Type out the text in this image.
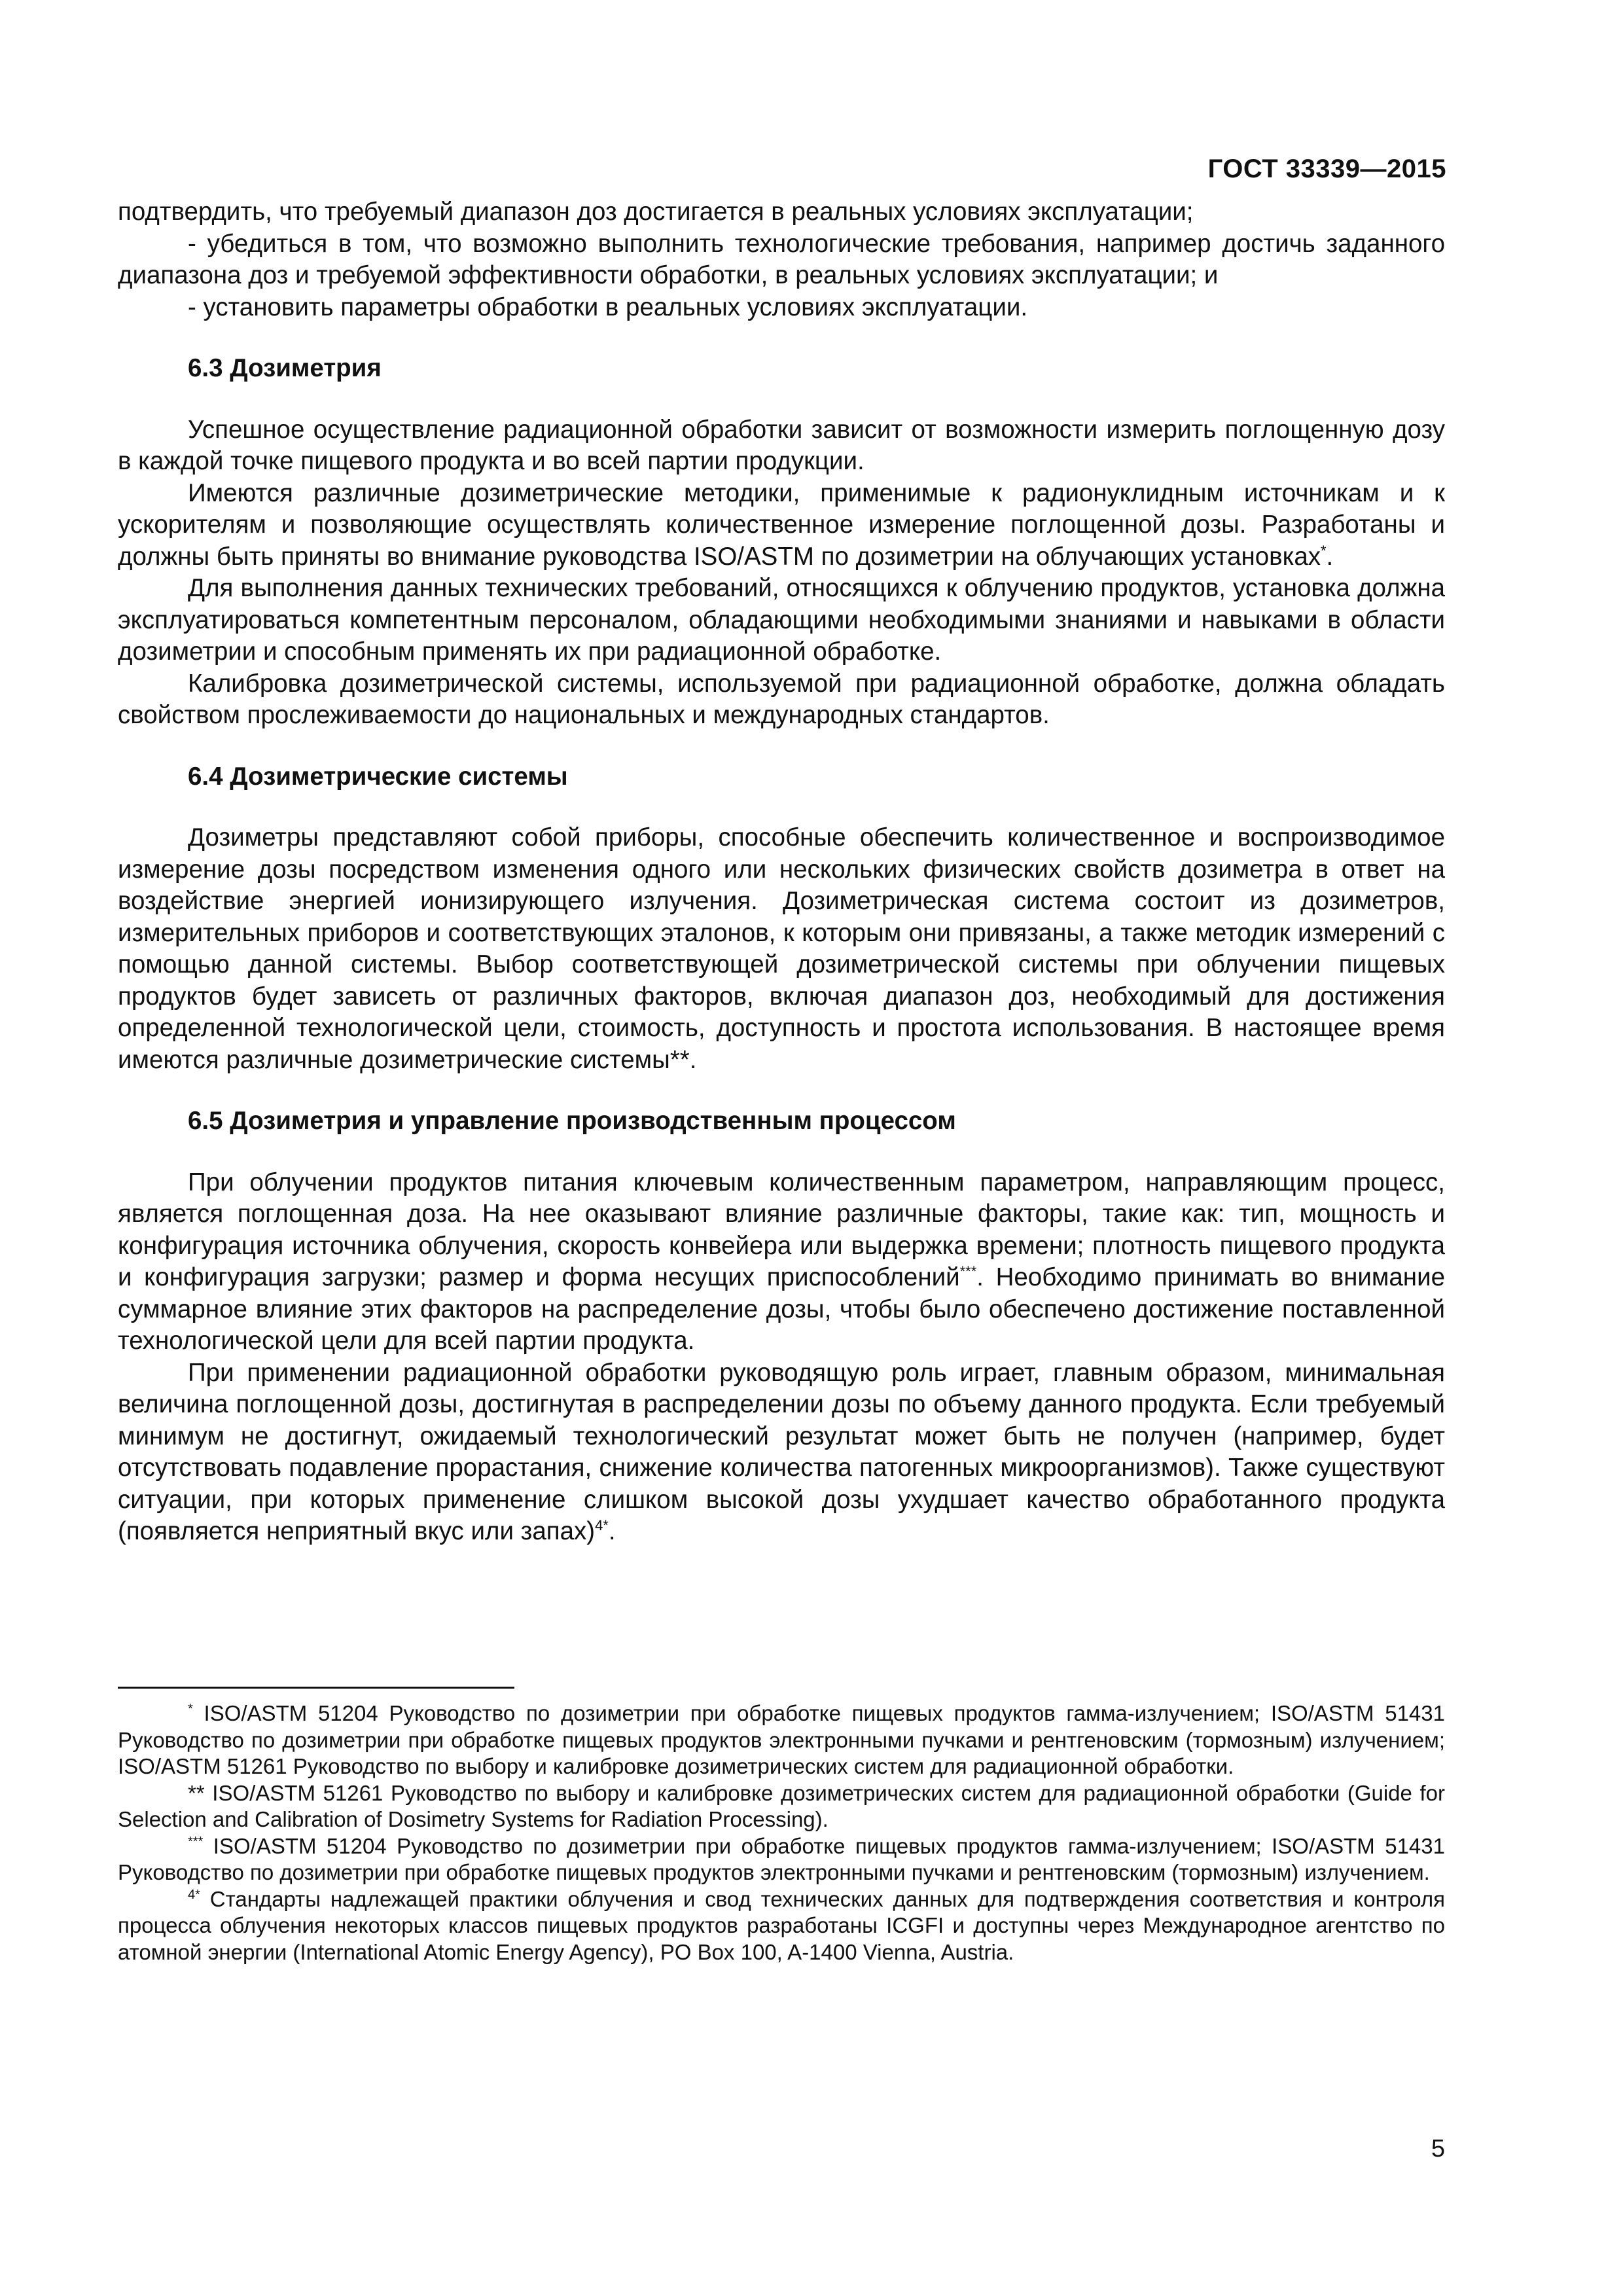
ГОСТ 33339—2015

подтвердить, что требуемый диапазон доз достигается в реальных условиях эксплуатации;

- убедиться в том, что возможно выполнить технологические требования, например достичь заданного диапазона доз и требуемой эффективности обработки, в реальных условиях эксплуатации; и

- установить параметры обработки в реальных условиях эксплуатации.

6.3 Дозиметрия

Успешное осуществление радиационной обработки зависит от возможности измерить поглощенную дозу в каждой точке пищевого продукта и во всей партии продукции.

Имеются различные дозиметрические методики, применимые к радионуклидным источникам и к ускорителям и позволяющие осуществлять количественное измерение поглощенной дозы. Разработаны и должны быть приняты во внимание руководства ISO/ASTM по дозиметрии на облучающих установках*.

Для выполнения данных технических требований, относящихся к облучению продуктов, установка должна эксплуатироваться компетентным персоналом, обладающими необходимыми знаниями и навыками в области дозиметрии и способным применять их при радиационной обработке.

Калибровка дозиметрической системы, используемой при радиационной обработке, должна обладать свойством прослеживаемости до национальных и международных стандартов.

6.4 Дозиметрические системы

Дозиметры представляют собой приборы, способные обеспечить количественное и воспроизводимое измерение дозы посредством изменения одного или нескольких физических свойств дозиметра в ответ на воздействие энергией ионизирующего излучения. Дозиметрическая система состоит из дозиметров, измерительных приборов и соответствующих эталонов, к которым они привязаны, а также методик измерений с помощью данной системы. Выбор соответствующей дозиметрической системы при облучении пищевых продуктов будет зависеть от различных факторов, включая диапазон доз, необходимый для достижения определенной технологической цели, стоимость, доступность и простота использования. В настоящее время имеются различные дозиметрические системы**.

6.5 Дозиметрия и управление производственным процессом

При облучении продуктов питания ключевым количественным параметром, направляющим процесс, является поглощенная доза. На нее оказывают влияние различные факторы, такие как: тип, мощность и конфигурация источника облучения, скорость конвейера или выдержка времени; плотность пищевого продукта и конфигурация загрузки; размер и форма несущих приспособлений***. Необходимо принимать во внимание суммарное влияние этих факторов на распределение дозы, чтобы было обеспечено достижение поставленной технологической цели для всей партии продукта.

При применении радиационной обработки руководящую роль играет, главным образом, минимальная величина поглощенной дозы, достигнутая в распределении дозы по объему данного продукта. Если требуемый минимум не достигнут, ожидаемый технологический результат может быть не получен (например, будет отсутствовать подавление прорастания, снижение количества патогенных микроорганизмов). Также существуют ситуации, при которых применение слишком высокой дозы ухудшает качество обработанного продукта (появляется неприятный вкус или запах)$^{4*}$.

* ISO/ASTM 51204 Руководство по дозиметрии при обработке пищевых продуктов гамма-излучением; ISO/ASTM 51431 Руководство по дозиметрии при обработке пищевых продуктов электронными пучками и рентгеновским (тормозным) излучением; ISO/ASTM 51261 Руководство по выбору и калибровке дозиметрических систем для радиационной обработки.

** ISO/ASTM 51261 Руководство по выбору и калибровке дозиметрических систем для радиационной обработки (Guide for Selection and Calibration of Dosimetry Systems for Radiation Processing).

*** ISO/ASTM 51204 Руководство по дозиметрии при обработке пищевых продуктов гамма-излучением; ISO/ASTM 51431 Руководство по дозиметрии при обработке пищевых продуктов электронными пучками и рентгеновским (тормозным) излучением.

$^{4*}$ Стандарты надлежащей практики облучения и свод технических данных для подтверждения соответствия и контроля процесса облучения некоторых классов пищевых продуктов разработаны ICGFI и доступны через Международное агентство по атомной энергии (International Atomic Energy Agency), PO Box 100, A-1400 Vienna, Austria.

5
